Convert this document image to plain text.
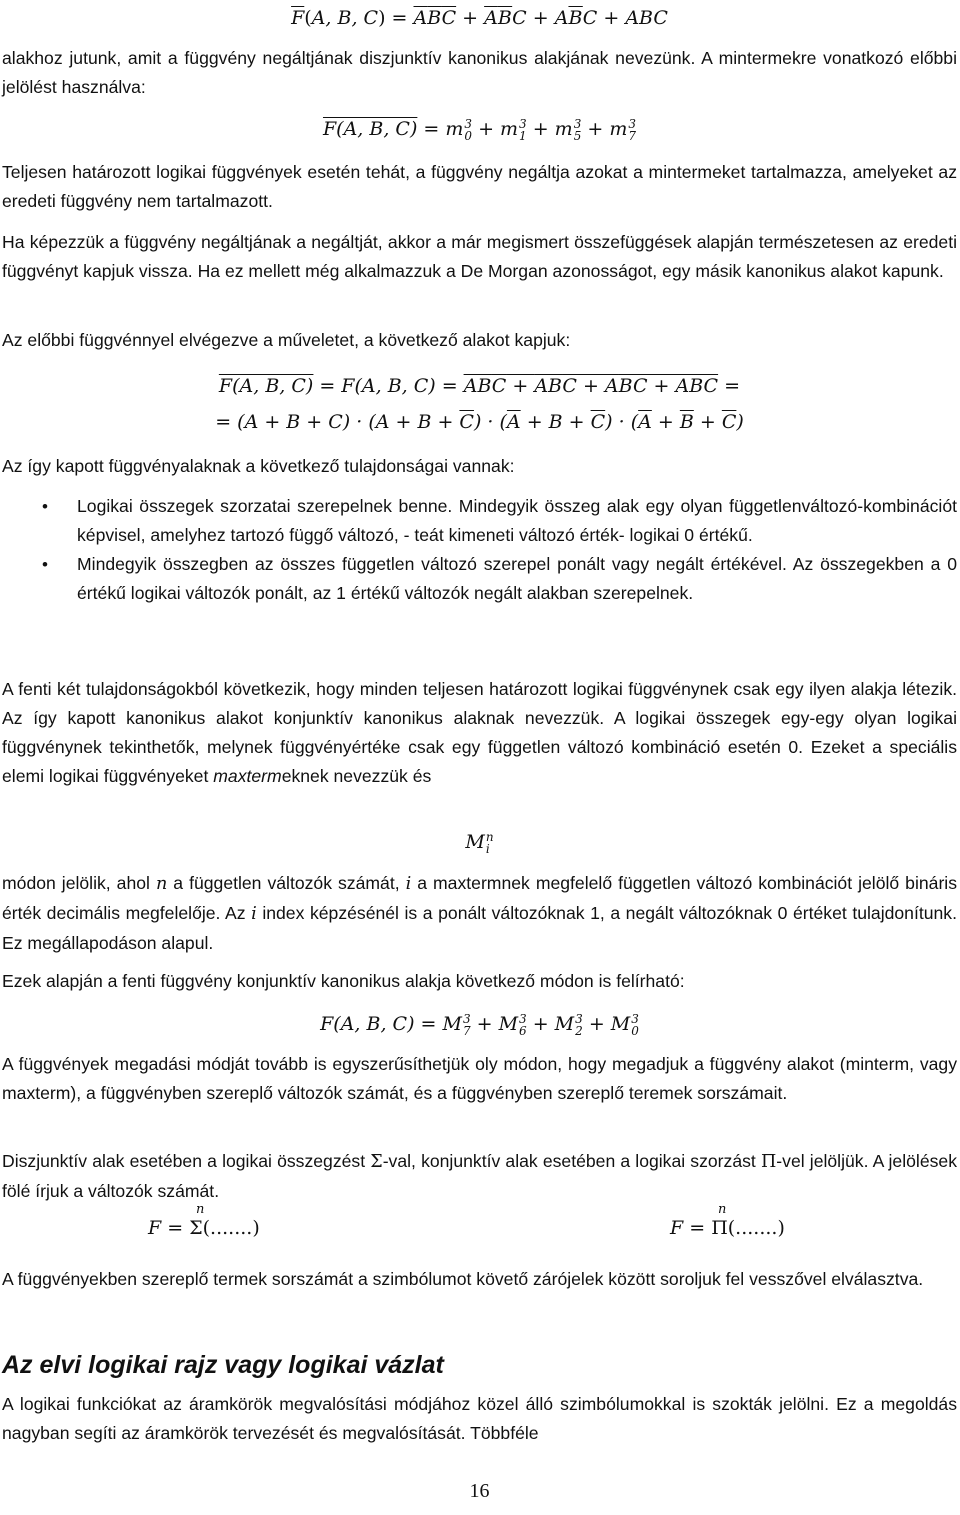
$\overline{F}(A$, B, $C) = \overline{A}\overline{B}\overline{C} + \overline{A}\overline{B}C + A\overline{B}C$ + ABC

alakhoz jutunk, amit a függvény negáltjának diszjunktív kanonikus alakjának nevezünk. A mintermekre vonatkozó előbbi jelölést használva:

F(A, B, C) = m 3
0 + m 3
1 + m 3
5 + m 3
7

Teljesen határozott logikai függvények esetén tehát, a függvény negáltja azokat a mintermeket tartalmazza, amelyeket az eredeti függvény nem tartalmazott.

Ha képezzük a függvény negáltjának a negáltját, akkor a már megismert összefüggések alapján természetesen az eredeti függvényt kapjuk vissza. Ha ez mellett még alkalmazzuk a De Morgan azonosságot, egy másik kanonikus alakot kapunk.

Az előbbi függvénnyel elvégezve a műveletet, a következő alakot kapjuk:

F(A, B, C) = F(A, B, C) = ABC + ABC + ABC + ABC =
= $(A + B + C) \cdot (A + B + \overline{C}) \cdot (\overline{A} + B + \overline{C}) \cdot (\overline{A} + \overline{B} + \overline{C})$

Az így kapott függvényalaknak a következő tulajdonságai vannak:

• Logikai összegek szorzatai szerepelnek benne. Mindegyik összeg alak egy olyan függetlenváltozó-kombinációt képvisel, amelyhez tartozó függő változó, - teát kimeneti változó érték- logikai 0 értékű.

• Mindegyik összegben az összes független változó szerepel ponált vagy negált értékével. Az összegekben a 0 értékű logikai változók ponált, az 1 értékű változók negált alakban szerepelnek.

A fenti két tulajdonságokból következik, hogy minden teljesen határozott logikai függvénynek csak egy ilyen alakja létezik. Az így kapott kanonikus alakot konjunktív kanonikus alaknak nevezzük. A logikai összegek egy-egy olyan logikai függvénynek tekinthetők, melynek függvényértéke csak egy független változó kombináció esetén 0. Ezeket a speciális elemi logikai függvényeket maxtermeknek nevezzük és

M n
i

módon jelölik, ahol n a független változók számát, i a maxtermnek megfelelő független változó kombinációt jelölő bináris érték decimális megfelelője. Az i index képzésénél is a ponált változóknak 1, a negált változóknak 0 értéket tulajdonítunk. Ez megállapodáson alapul.

Ezek alapján a fenti függvény konjunktív kanonikus alakja következő módon is felírható:

F(A, B, C) = M 3
7 + M 3
6 + M 3
2 + M 3
0

A függvények megadási módját tovább is egyszerűsíthetjük oly módon, hogy megadjuk a függvény alakot (minterm, vagy maxterm), a függvényben szereplő változók számát, és a függvényben szereplő teremek sorszámait.

Diszjunktív alak esetében a logikai összegzést Σ-val, konjunktív alak esetében a logikai szorzást Π-vel jelöljük. A jelölések fölé írjuk a változók számát.

n
F = Σ(.......)
n
F = Π(.......)

A függvényekben szereplő termek sorszámát a szimbólumot követő zárójelek között soroljuk fel vesszővel elválasztva.

Az elvi logikai rajz vagy logikai vázlat

A logikai funkciókat az áramkörök megvalósítási módjához közel álló szimbólumokkal is szokták jelölni. Ez a megoldás nagyban segíti az áramkörök tervezését és megvalósítását. Többféle

16
